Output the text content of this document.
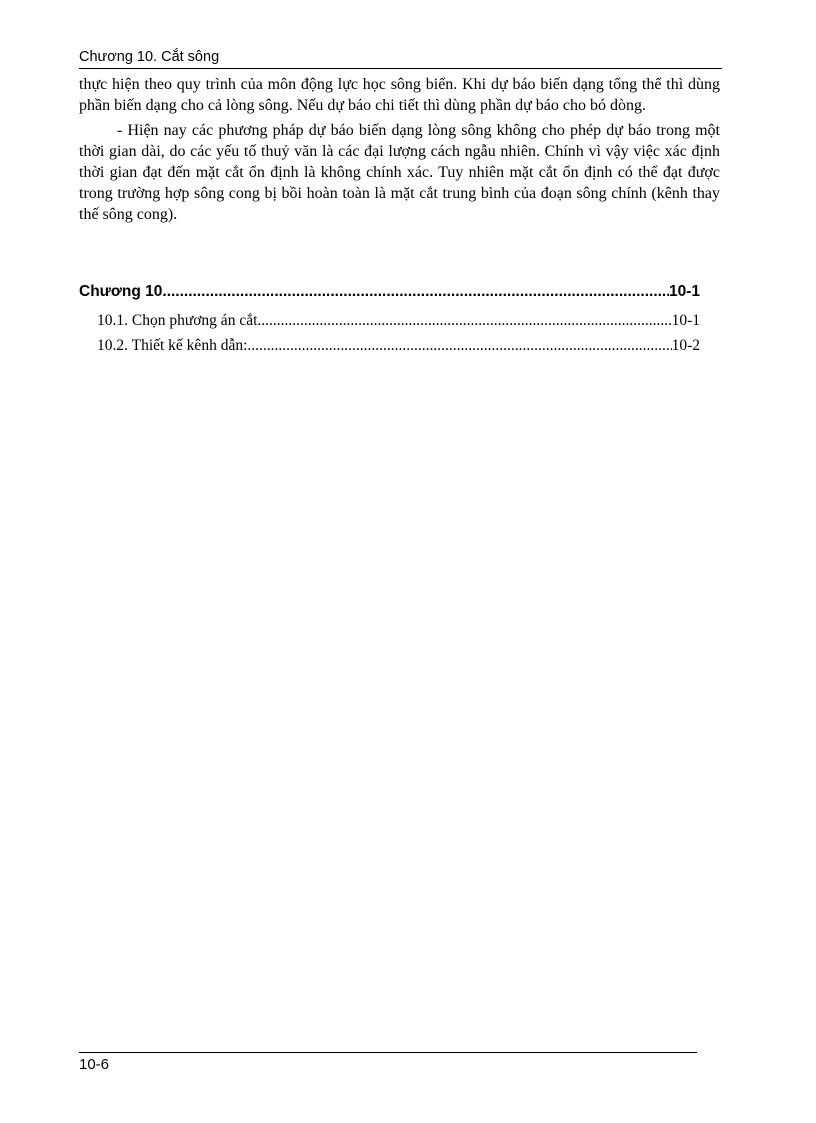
Chương 10. Cắt sông

thực hiện theo quy trình của môn động lực học sông biển. Khi dự báo biến dạng tổng thể thì dùng phần biến dạng cho cả lòng sông. Nếu dự báo chi tiết thì dùng phần dự báo cho bó dòng.

- Hiện nay các phương pháp dự báo biến dạng lòng sông không cho phép dự báo trong một thời gian dài, do các yếu tố thuỷ văn là các đại lượng cách ngẫu nhiên. Chính vì vậy việc xác định thời gian đạt đến mặt cắt ổn định là không chính xác. Tuy nhiên mặt cắt ổn định có thể đạt được trong trường hợp sông cong bị bồi hoàn toàn là mặt cắt trung bình của đoạn sông chính (kênh thay thế sông cong).

Chương 10 .....	10-1
10.1. Chọn phương án cắt .....	10-1
10.2. Thiết kế kênh dẫn: .....	10-2
10-6
